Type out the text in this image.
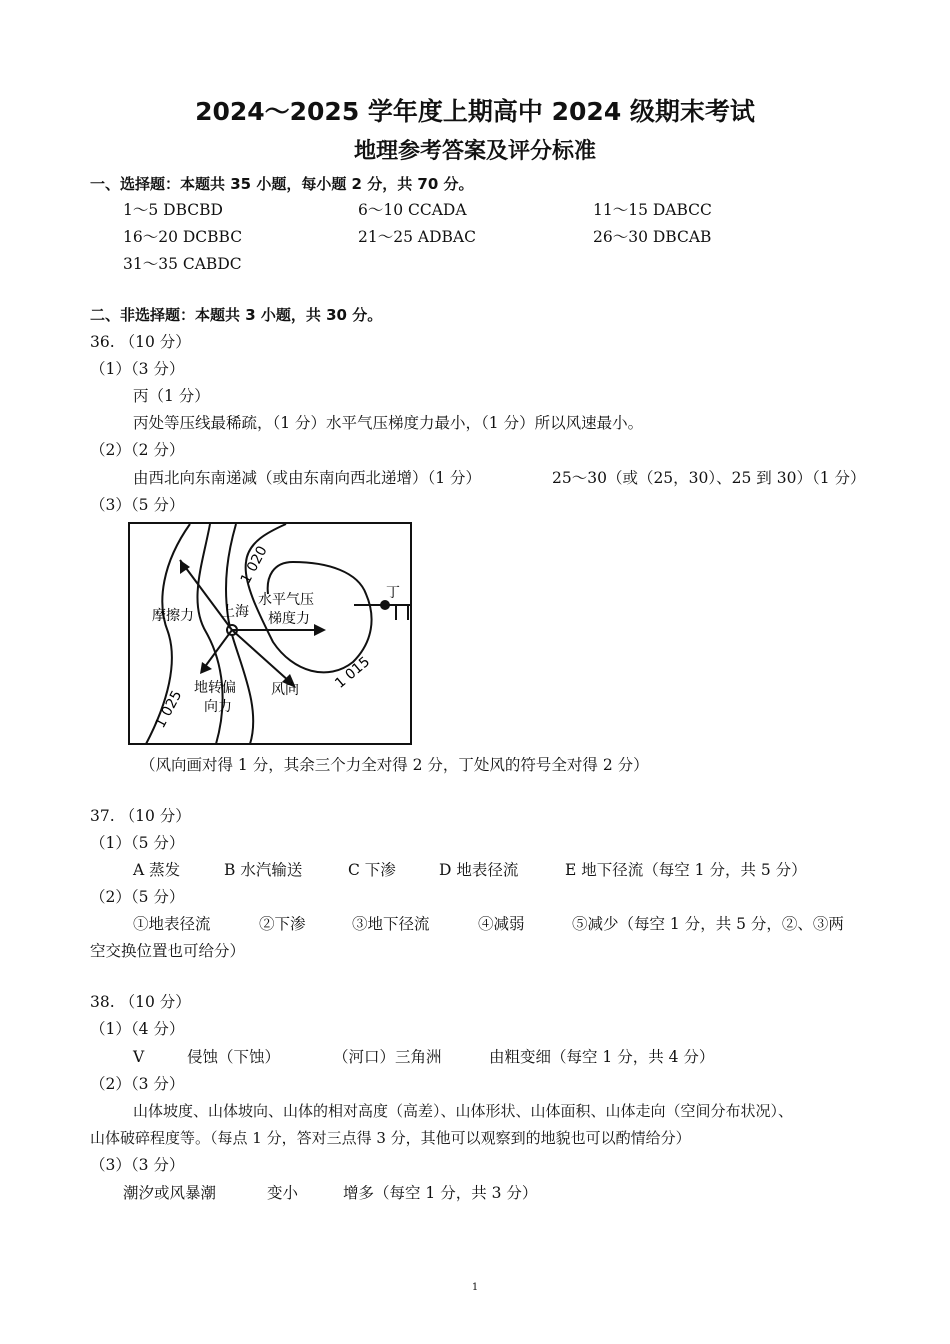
2024～2025 学年度上期高中 2024 级期末考试
地理参考答案及评分标准
一、选择题：本题共 35 小题，每小题 2 分，共 70 分。
1～5 DBCBD	6～10 CCADA	11～15 DABCC
16～20 DCBBC	21～25 ADBAC	26～30 DBCAB
31～35 CABDC
二、非选择题：本题共 3 小题，共 30 分。
36. （10 分）
（1）（3 分）
丙（1 分）
丙处等压线最稀疏，（1 分）水平气压梯度力最小，（1 分）所以风速最小。
（2）（2 分）
由西北向东南递减（或由东南向西北递增）（1 分）	25～30（或（25，30）、25 到 30）（1 分）
（3）（5 分）
1 020
1 015
1 025
摩擦力 上海
水平气压
梯度力
地转偏
向力
风向
丁
（风向画对得 1 分，其余三个力全对得 2 分，丁处风的符号全对得 2 分）
37. （10 分）
（1）（5 分）
A 蒸发	B 水汽输送	C 下渗	D 地表径流	E 地下径流（每空 1 分，共 5 分）
（2）（5 分）
①地表径流	②下渗	③地下径流	④减弱	⑤减少（每空 1 分，共 5 分，②、③两
空交换位置也可给分）
38. （10 分）
（1）（4 分）
V	侵蚀（下蚀）	（河口）三角洲	由粗变细（每空 1 分，共 4 分）
（2）（3 分）
山体坡度、山体坡向、山体的相对高度（高差）、山体形状、山体面积、山体走向（空间分布状况）、
山体破碎程度等。（每点 1 分，答对三点得 3 分，其他可以观察到的地貌也可以酌情给分）
（3）（3 分）
潮汐或风暴潮	变小	增多（每空 1 分，共 3 分）
1
